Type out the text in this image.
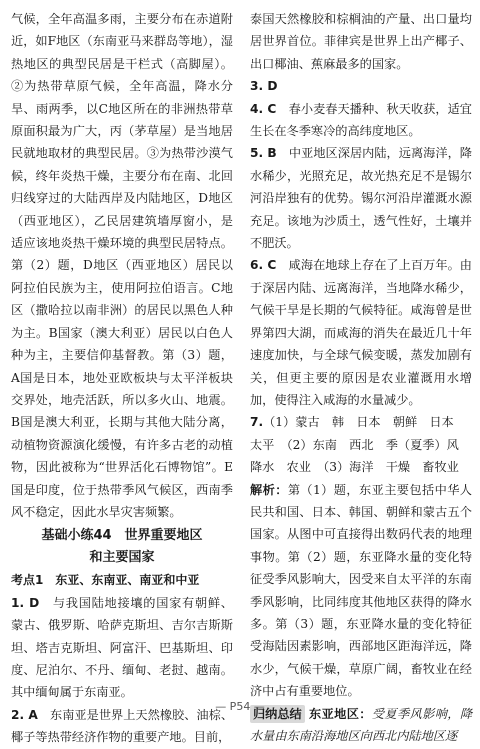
气候，全年高温多雨，主要分布在赤道附近，如F地区（东南亚马来群岛等地），湿热地区的典型民居是干栏式（高脚屋）。②为热带草原气候，全年高温，降水分旱、雨两季，以C地区所在的非洲热带草原面积最为广大，丙（茅草屋）是当地居民就地取材的典型民居。③为热带沙漠气候，终年炎热干燥，主要分布在南、北回归线穿过的大陆西岸及内陆地区，D地区（西亚地区），乙民居建筑墙厚窗小，是适应该地炎热干燥环境的典型民居特点。第（2）题，D地区（西亚地区）居民以阿拉伯民族为主，使用阿拉伯语言。C地区（撒哈拉以南非洲）的居民以黑色人种为主。B国家（澳大利亚）居民以白色人种为主，主要信仰基督教。第（3）题，A国是日本，地处亚欧板块与太平洋板块交界处，地壳活跃，所以多火山、地震。B国是澳大利亚，长期与其他大陆分离，动植物资源演化缓慢，有许多古老的动植物，因此被称为“世界活化石博物馆”。E国是印度，位于热带季风气候区，西南季风不稳定，因此水旱灾害频繁。

基础小练44　世界重要地区
和主要国家

考点1　东亚、东南亚、南亚和中亚

1. D　与我国陆地接壤的国家有朝鲜、蒙古、俄罗斯、哈萨克斯坦、吉尔吉斯斯坦、塔吉克斯坦、阿富汗、巴基斯坦、印度、尼泊尔、不丹、缅甸、老挝、越南。其中缅甸属于东南亚。

2. A　东南亚是世界上天然橡胶、油棕、椰子等热带经济作物的重要产地。目前，

泰国天然橡胶和棕榈油的产量、出口量均居世界首位。菲律宾是世界上出产椰子、出口椰油、蕉麻最多的国家。

3. D

4. C　春小麦春天播种、秋天收获，适宜生长在冬季寒冷的高纬度地区。

5. B　中亚地区深居内陆，远离海洋，降水稀少，光照充足，故光热充足不是锡尔河沿岸独有的优势。锡尔河沿岸灌溉水源充足。该地为沙质土，透气性好，土壤并不肥沃。

6. C　咸海在地球上存在了上百万年。由于深居内陆、远离海洋，当地降水稀少，气候干旱是长期的气候特征。咸海曾是世界第四大湖，而咸海的消失在最近几十年速度加快，与全球气候变暖，蒸发加剧有关，但更主要的原因是农业灌溉用水增加，使得注入咸海的水量减少。

7.（1）蒙古　韩　日本　朝鲜　日本

太平　（2）东南　西北　季（夏季）风

降水　农业　（3）海洋　干燥　畜牧业

解析：第（1）题，东亚主要包括中华人民共和国、日本、韩国、朝鲜和蒙古五个国家。从图中可直接得出数码代表的地理事物。第（2）题，东亚降水量的变化特征受季风影响大，因受来自太平洋的东南季风影响，比同纬度其他地区获得的降水多。第（3）题，东亚降水量的变化特征受海陆因素影响，西部地区距海洋远，降水少，气候干燥，草原广阔，畜牧业在经济中占有重要地位。

归纳总结 东亚地区：受夏季风影响，降水量由东南沿海地区向西北内陆地区逐

— P54 —
